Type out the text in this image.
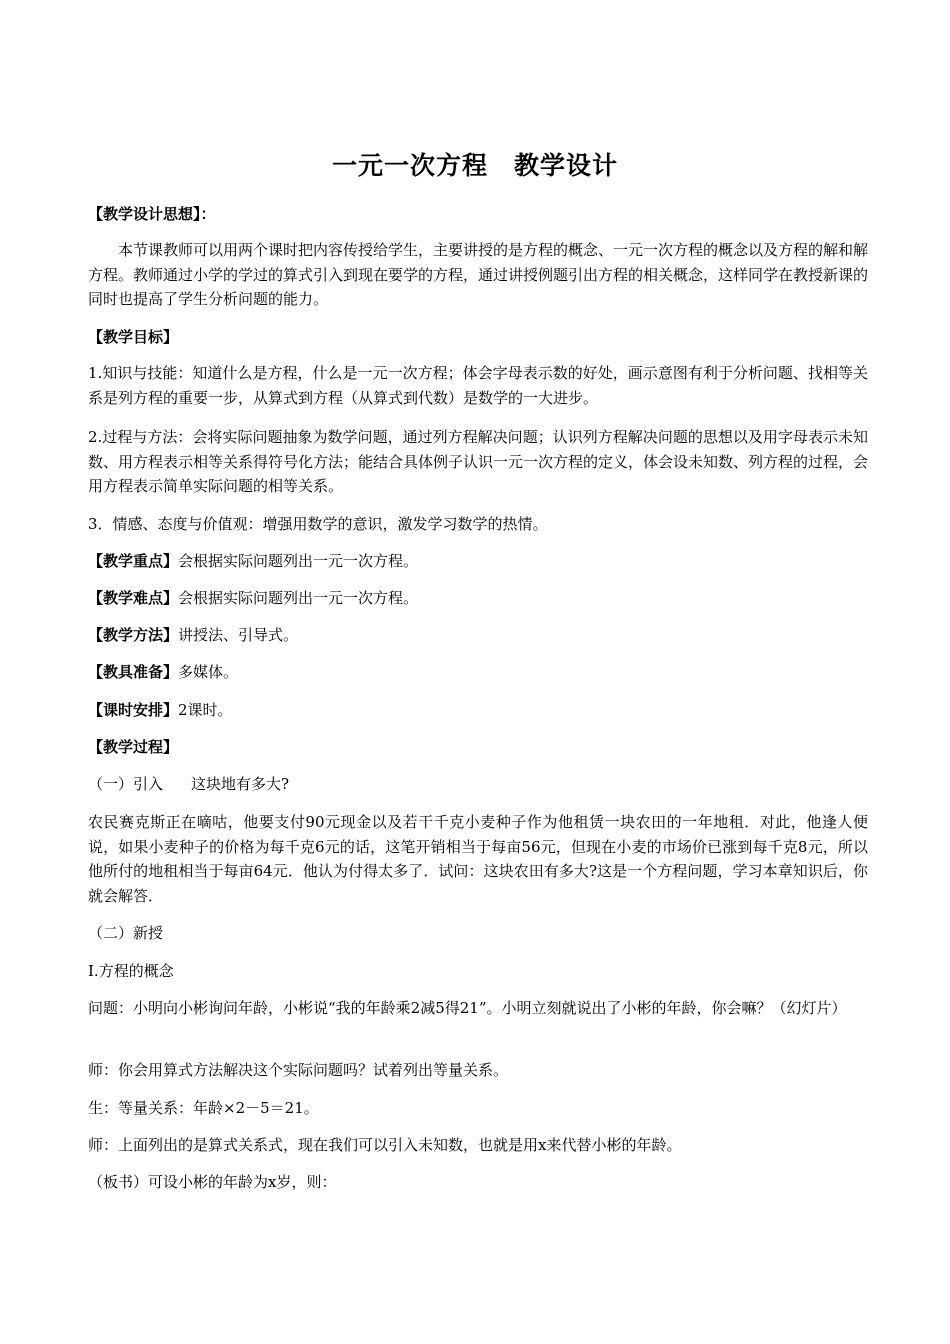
一元一次方程 教学设计
【教学设计思想】：
本节课教师可以用两个课时把内容传授给学生，主要讲授的是方程的概念、一元一次方程的概念以及方程的解和解方程。教师通过小学的学过的算式引入到现在要学的方程，通过讲授例题引出方程的相关概念，这样同学在教授新课的同时也提高了学生分析问题的能力。
【教学目标】
1.知识与技能：知道什么是方程，什么是一元一次方程；体会字母表示数的好处，画示意图有利于分析问题、找相等关系是列方程的重要一步，从算式到方程（从算式到代数）是数学的一大进步。
2.过程与方法：会将实际问题抽象为数学问题，通过列方程解决问题；认识列方程解决问题的思想以及用字母表示未知数、用方程表示相等关系得符号化方法；能结合具体例子认识一元一次方程的定义，体会设未知数、列方程的过程，会用方程表示简单实际问题的相等关系。
3．情感、态度与价值观：增强用数学的意识，激发学习数学的热情。
【教学重点】会根据实际问题列出一元一次方程。
【教学难点】会根据实际问题列出一元一次方程。
【教学方法】讲授法、引导式。
【教具准备】多媒体。
【课时安排】2课时。
【教学过程】
（一）引入 这块地有多大?
农民赛克斯正在嘀咕，他要支付90元现金以及若干千克小麦种子作为他租赁一块农田的一年地租．对此，他逢人便说，如果小麦种子的价格为每千克6元的话，这笔开销相当于每亩56元，但现在小麦的市场价已涨到每千克8元，所以他所付的地租相当于每亩64元．他认为付得太多了．试问：这块农田有多大?这是一个方程问题，学习本章知识后，你就会解答．
（二）新授
Ⅰ.方程的概念
问题：小明向小彬询问年龄，小彬说“我的年龄乘2减5得21”。小明立刻就说出了小彬的年龄，你会嘛？（幻灯片）
师：你会用算式方法解决这个实际问题吗？试着列出等量关系。
生：等量关系：年龄×2－5＝21。
师：上面列出的是算式关系式，现在我们可以引入未知数，也就是用x来代替小彬的年龄。
（板书）可设小彬的年龄为x岁，则：
